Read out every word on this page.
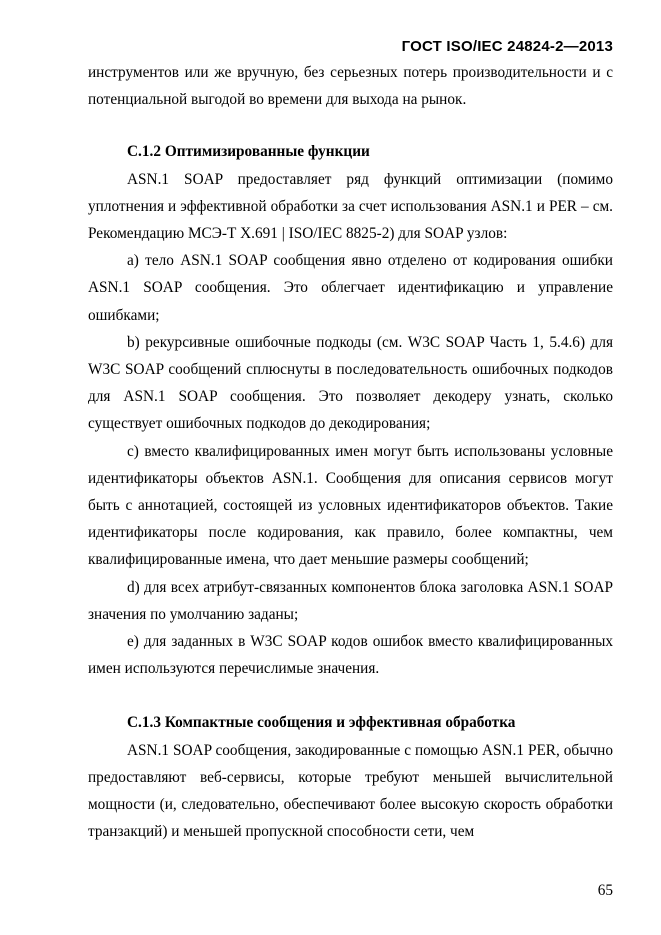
ГОСТ ISO/IEC 24824-2—2013

инструментов или же вручную, без серьезных потерь производительности и с потенциальной выгодой во времени для выхода на рынок.

С.1.2 Оптимизированные функции

ASN.1 SOAP предоставляет ряд функций оптимизации (помимо уплотнения и эффективной обработки за счет использования ASN.1 и PER – см. Рекомендацию МСЭ-Т X.691 | ISO/IEC 8825-2) для SOAP узлов:

a) тело ASN.1 SOAP сообщения явно отделено от кодирования ошибки ASN.1 SOAP сообщения. Это облегчает идентификацию и управление ошибками;

b) рекурсивные ошибочные подкоды (см. W3C SOAP Часть 1, 5.4.6) для W3C SOAP сообщений сплюснуты в последовательность ошибочных подкодов для ASN.1 SOAP сообщения. Это позволяет декодеру узнать, сколько существует ошибочных подкодов до декодирования;

c) вместо квалифицированных имен могут быть использованы условные идентификаторы объектов ASN.1. Сообщения для описания сервисов могут быть с аннотацией, состоящей из условных идентификаторов объектов. Такие идентификаторы после кодирования, как правило, более компактны, чем квалифицированные имена, что дает меньшие размеры сообщений;

d) для всех атрибут-связанных компонентов блока заголовка ASN.1 SOAP значения по умолчанию заданы;

e) для заданных в W3C SOAP кодов ошибок вместо квалифицированных имен используются перечислимые значения.

С.1.3 Компактные сообщения и эффективная обработка

ASN.1 SOAP сообщения, закодированные с помощью ASN.1 PER, обычно предоставляют веб-сервисы, которые требуют меньшей вычислительной мощности (и, следовательно, обеспечивают более высокую скорость обработки транзакций) и меньшей пропускной способности сети, чем

65
